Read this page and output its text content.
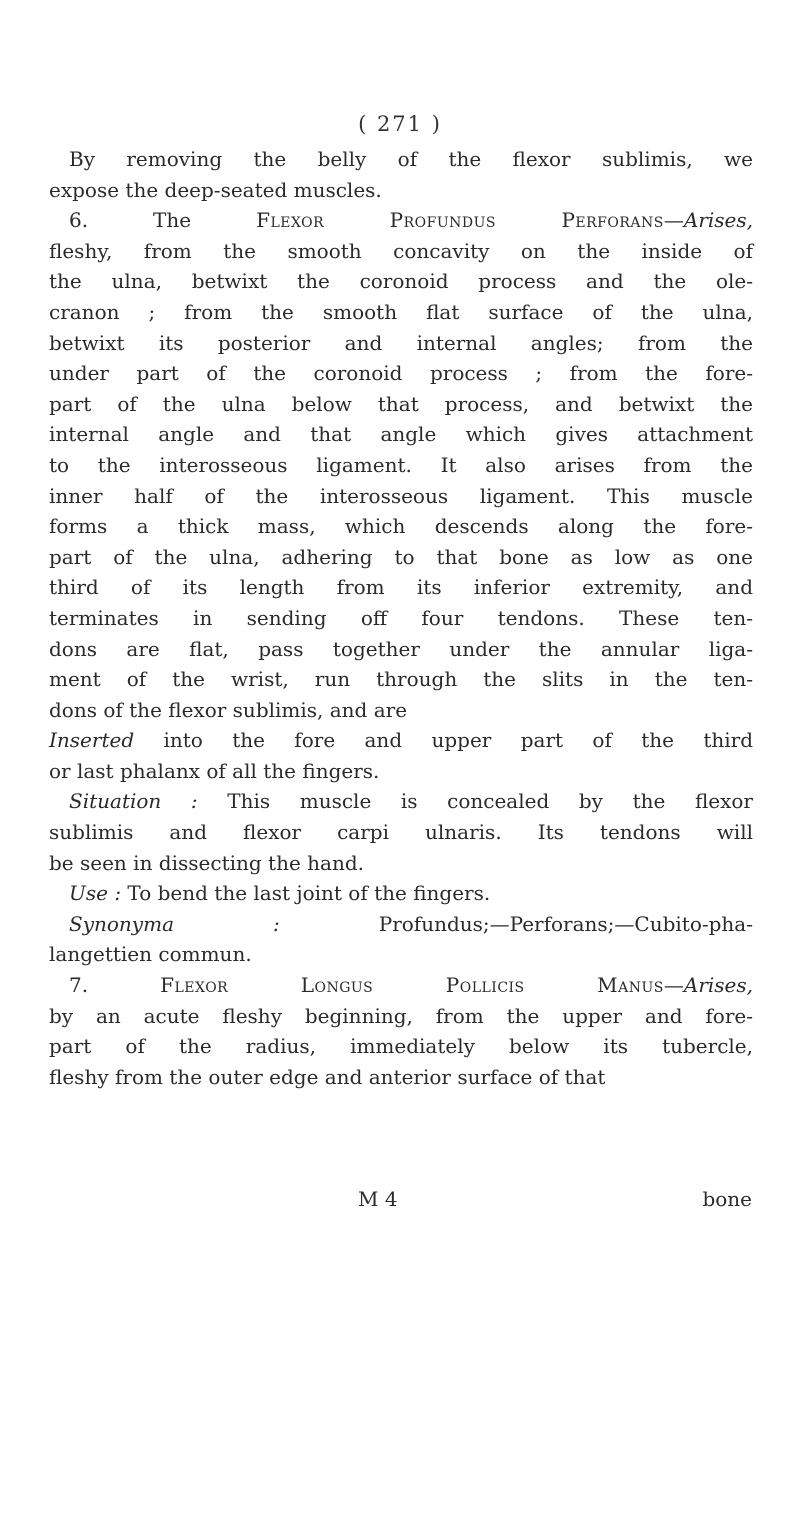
( 271 )
By removing the belly of the flexor sublimis, we
expose the deep-seated muscles.
6. The Flexor Profundus Perforans—Arises,
fleshy, from the smooth concavity on the inside of
the ulna, betwixt the coronoid process and the ole-
cranon ; from the smooth flat surface of the ulna,
betwixt its posterior and internal angles; from the
under part of the coronoid process ; from the fore-
part of the ulna below that process, and betwixt the
internal angle and that angle which gives attachment
to the interosseous ligament. It also arises from the
inner half of the interosseous ligament. This muscle
forms a thick mass, which descends along the fore-
part of the ulna, adhering to that bone as low as one
third of its length from its inferior extremity, and
terminates in sending off four tendons. These ten-
dons are flat, pass together under the annular liga-
ment of the wrist, run through the slits in the ten-
dons of the flexor sublimis, and are
Inserted into the fore and upper part of the third
or last phalanx of all the fingers.
Situation : This muscle is concealed by the flexor
sublimis and flexor carpi ulnaris. Its tendons will
be seen in dissecting the hand.
Use : To bend the last joint of the fingers.
Synonyma : Profundus;—Perforans;—Cubito-pha-
langettien commun.
7. Flexor Longus Pollicis Manus—Arises,
by an acute fleshy beginning, from the upper and fore-
part of the radius, immediately below its tubercle,
fleshy from the outer edge and anterior surface of that
M 4	bone
